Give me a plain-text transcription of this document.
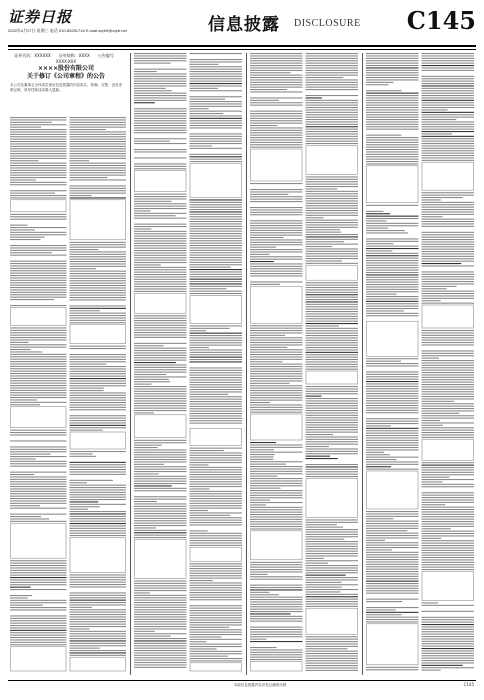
证券日报
2022年4月27日 星期三 电话 010-83251716 E-mail:zqrb9@zqrb.net	信息披露 DISCLOSURE C145
证券代码：XXXXXX　　证券简称：XXXX　　公告编号：XXXX-XXX
××××股份有限公司
关于修订《公司章程》的公告
本公司及董事会全体成员保证信息披露的内容真实、准确、完整，没有虚假记载、误导性陈述或重大遗漏。
本版信息披露内容详见巨潮资讯网	C145
